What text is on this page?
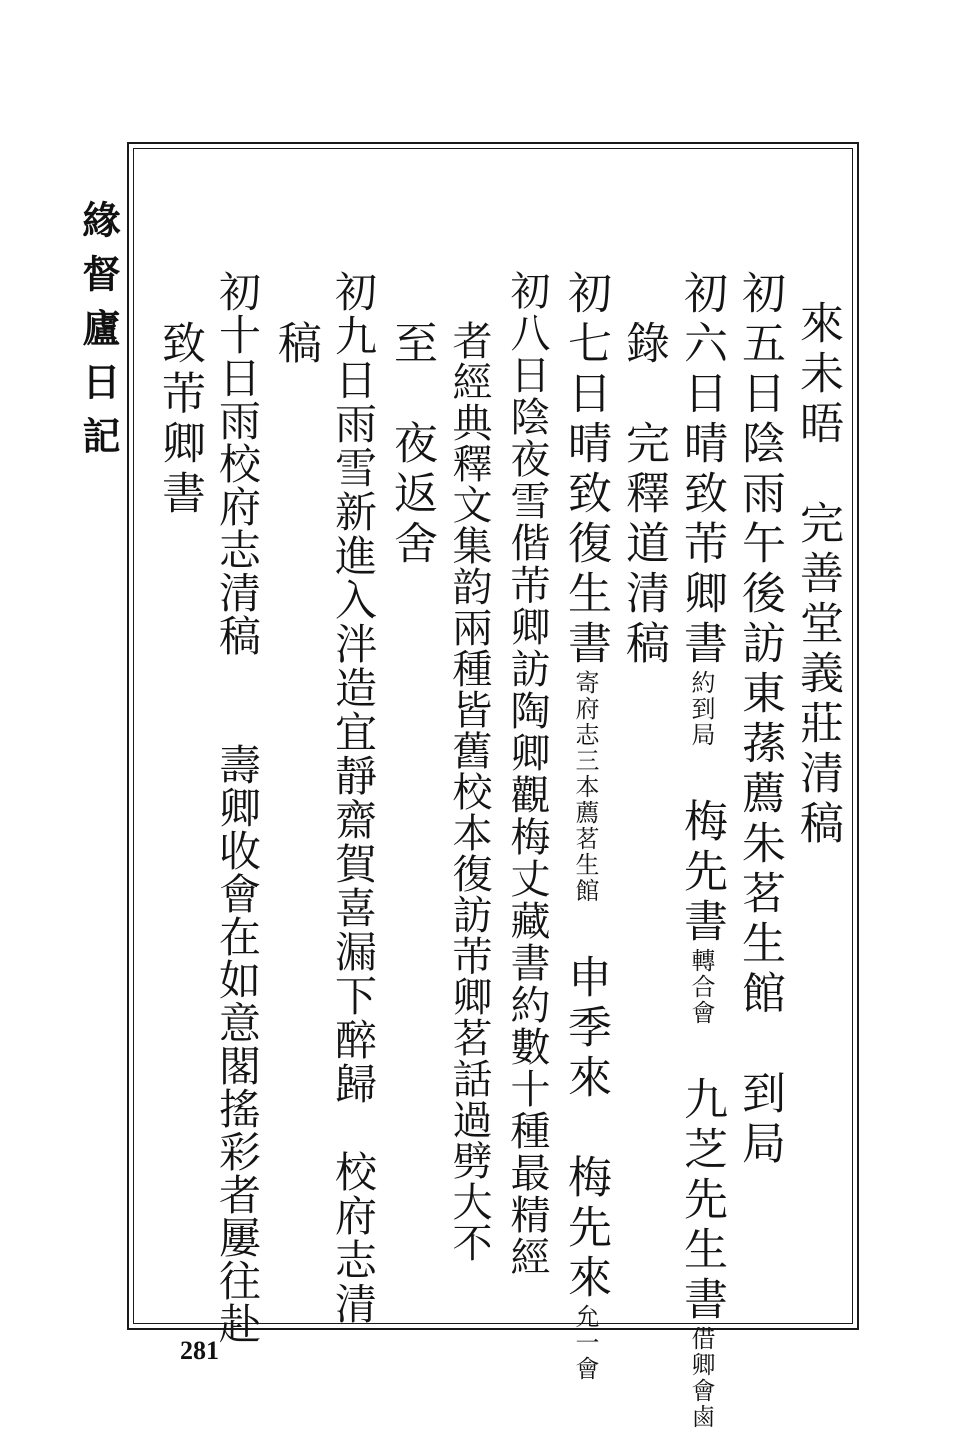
緣督廬日記	來未晤　完善堂義莊清稿
初五日陰雨午後訪東蓀薦朱茗生館　到局
初六日晴致芾卿書約到局　梅先書轉合會　九芝先生書借卿會鹵
錄　完釋道清稿
初七日晴致復生書寄府志三本薦茗生館　申季來　梅先來允一會
初八日陰夜雪偕芾卿訪陶卿觀梅丈藏書約數十種最精經
者經典釋文集韵兩種皆舊校本復訪芾卿茗話過劈大不
至　夜返舍
初九日雨雪新進入泮造宜靜齋賀喜漏下醉歸　校府志清
稿
初十日雨校府志清稿　　壽卿收會在如意閣搖彩者屢往赴
致芾卿書
281
